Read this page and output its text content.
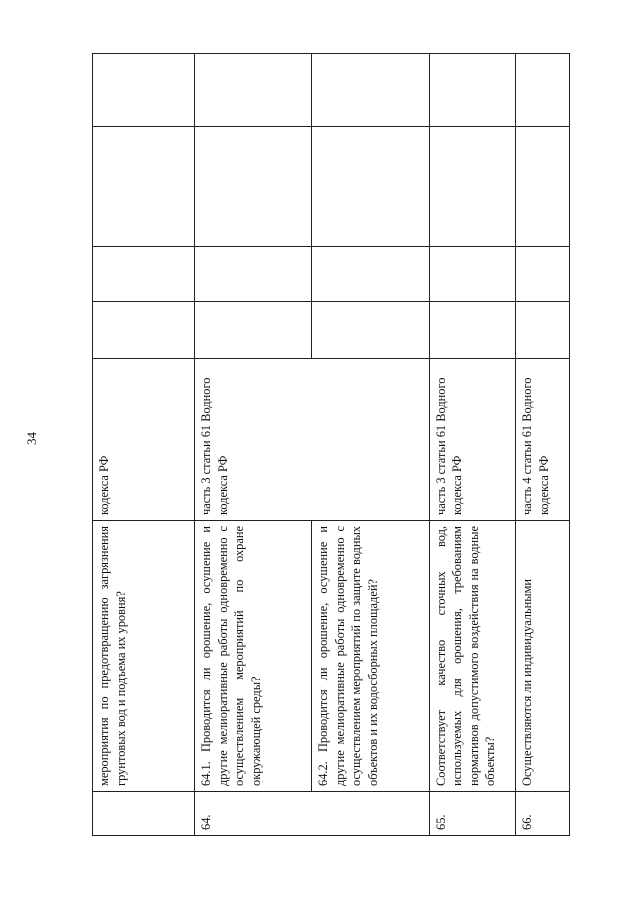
34
	мероприятия по предотвращению загрязнения грунтовых вод и подъема их уровня?	кодекса РФ				
64.	64.1. Проводится ли орошение, осушение и другие мелиоративные работы одновременно с осуществлением мероприятий по охране окружающей среды?	часть 3 статьи 61 Водного кодекса РФ				
	64.2. Проводится ли орошение, осушение и другие мелиоративные работы одновременно с осуществлением мероприятий по защите водных объектов и их водосборных площадей?					
65.	Соответствует качество сточных вод, используемых для орошения, требованиям нормативов допустимого воздействия на водные объекты?	часть 3 статьи 61 Водного кодекса РФ				
66.	Осуществляются ли индивидуальными	часть 4 статьи 61 Водного кодекса РФ				
